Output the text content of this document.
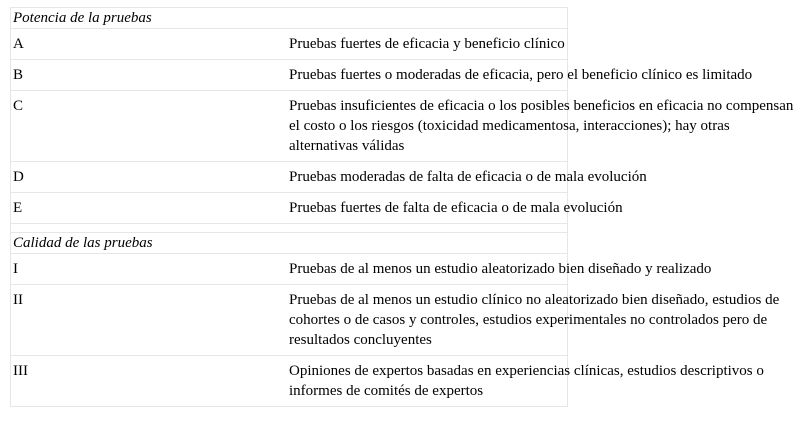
Potencia de la pruebas	
A	Pruebas fuertes de eficacia y beneficio clínico

B	Pruebas fuertes o moderadas de eficacia, pero el beneficio clínico es limitado

C	Pruebas insuficientes de eficacia o los posibles beneficios en eficacia no compensan
el costo o los riesgos (toxicidad medicamentosa, interacciones); hay otras
alternativas válidas

D	Pruebas moderadas de falta de eficacia o de mala evolución

E	Pruebas fuertes de falta de eficacia o de mala evolución

Calidad de las pruebas	
I	Pruebas de al menos un estudio aleatorizado bien diseñado y realizado

II	Pruebas de al menos un estudio clínico no aleatorizado bien diseñado, estudios de
cohortes o de casos y controles, estudios experimentales no controlados pero de
resultados concluyentes

III	Opiniones de expertos basadas en experiencias clínicas, estudios descriptivos o
informes de comités de expertos
